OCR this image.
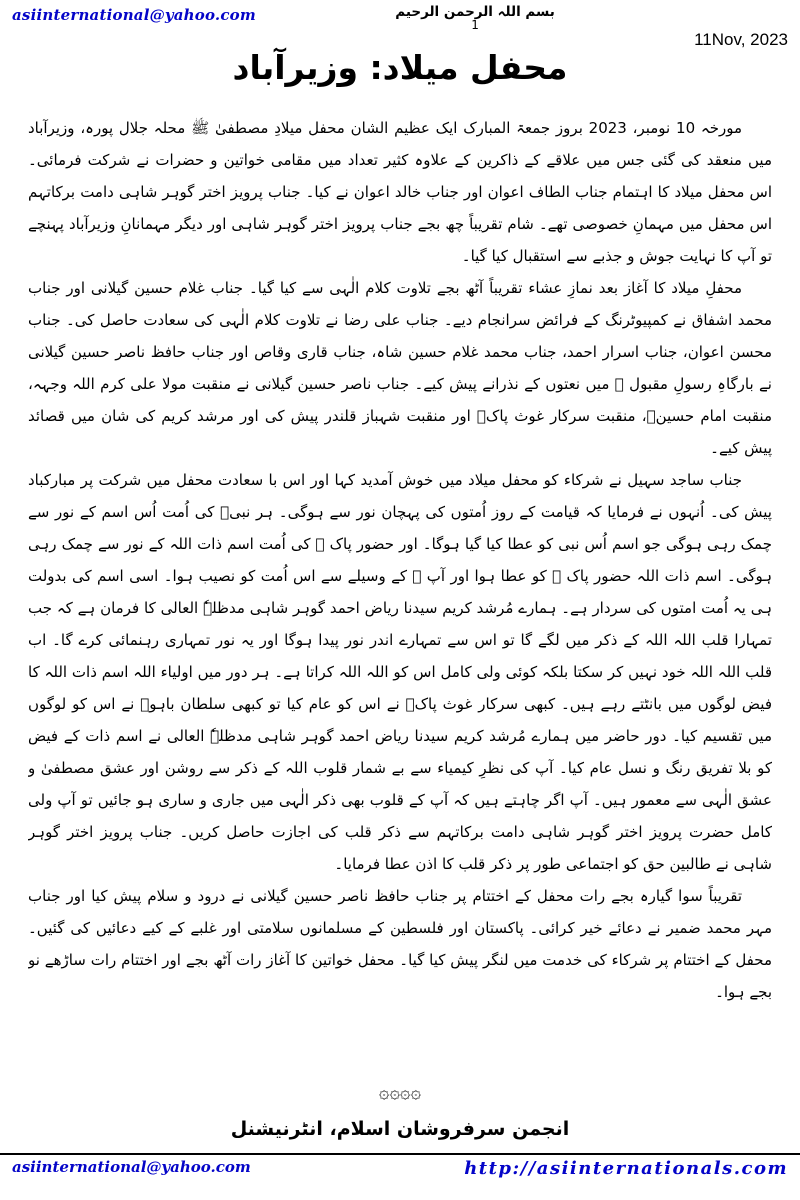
asiinternational@yahoo.com	بسم اللہ الرحمن الرحیم
1
11Nov, 2023
محفل میلاد: وزیرآباد

مورخہ 10 نومبر، 2023 بروز جمعۃ المبارک ایک عظیم الشان محفل میلادِ مصطفیٰ ﷺ محلہ جلال پورہ، وزیرآباد میں منعقد کی گئی جس میں علاقے کے ذاکرین کے علاوہ کثیر تعداد میں مقامی خواتین و حضرات نے شرکت فرمائی۔ اس محفل میلاد کا اہتمام جناب الطاف اعوان اور جناب خالد اعوان نے کیا۔ جناب پرویز اختر گوہر شاہی دامت برکاتہم اس محفل میں مہمانِ خصوصی تھے۔ شام تقریباً چھ بجے جناب پرویز اختر گوہر شاہی اور دیگر مہمانانِ وزیرآباد پہنچے تو آپ کا نہایت جوش و جذبے سے استقبال کیا گیا۔

محفلِ میلاد کا آغاز بعد نمازِ عشاء تقریباً آٹھ بجے تلاوت کلام الٰہی سے کیا گیا۔ جناب غلام حسین گیلانی اور جناب محمد اشفاق نے کمپیوٹرنگ کے فرائض سرانجام دیے۔ جناب علی رضا نے تلاوت کلام الٰہی کی سعادت حاصل کی۔ جناب محسن اعوان، جناب اسرار احمد، جناب محمد غلام حسین شاہ، جناب قاری وقاص اور جناب حافظ ناصر حسین گیلانی نے بارگاہِ رسولِ مقبول ﷺ میں نعتوں کے نذرانے پیش کیے۔ جناب ناصر حسین گیلانی نے منقبت مولا علی کرم اللہ وجہہ، منقبت امام حسینؑ، منقبت سرکار غوث پاکؒ اور منقبت شہباز قلندر پیش کی اور مرشد کریم کی شان میں قصائد پیش کیے۔

جناب ساجد سہیل نے شرکاء کو محفل میلاد میں خوش آمدید کہا اور اس با سعادت محفل میں شرکت پر مبارکباد پیش کی۔ اُنہوں نے فرمایا کہ قیامت کے روز اُمتوں کی پہچان نور سے ہوگی۔ ہر نبیؑ کی اُمت اُس اسم کے نور سے چمک رہی ہوگی جو اسم اُس نبی کو عطا کیا گیا ہوگا۔ اور حضور پاک ﷺ کی اُمت اسم ذات اللہ کے نور سے چمک رہی ہوگی۔ اسم ذات اللہ حضور پاک ﷺ کو عطا ہوا اور آپ ﷺ کے وسیلے سے اس اُمت کو نصیب ہوا۔ اسی اسم کی بدولت ہی یہ اُمت امتوں کی سردار ہے۔ ہمارے مُرشد کریم سیدنا ریاض احمد گوہر شاہی مدظلہٗ العالی کا فرمان ہے کہ جب تمہارا قلب اللہ اللہ کے ذکر میں لگے گا تو اس سے تمہارے اندر نور پیدا ہوگا اور یہ نور تمہاری رہنمائی کرے گا۔ اب قلب اللہ اللہ خود نہیں کر سکتا بلکہ کوئی ولی کامل اس کو اللہ اللہ کراتا ہے۔ ہر دور میں اولیاء اللہ اسم ذات اللہ کا فیض لوگوں میں بانٹتے رہے ہیں۔ کبھی سرکار غوث پاکؒ نے اس کو عام کیا تو کبھی سلطان باہوؒ نے اس کو لوگوں میں تقسیم کیا۔ دور حاضر میں ہمارے مُرشد کریم سیدنا ریاض احمد گوہر شاہی مدظلہٗ العالی نے اسم ذات کے فیض کو بلا تفریق رنگ و نسل عام کیا۔ آپ کی نظرِ کیمیاء سے بے شمار قلوب اللہ کے ذکر سے روشن اور عشق مصطفیٰ و عشق الٰہی سے معمور ہیں۔ آپ اگر چاہتے ہیں کہ آپ کے قلوب بھی ذکر الٰہی میں جاری و ساری ہو جائیں تو آپ ولی کامل حضرت پرویز اختر گوہر شاہی دامت برکاتہم سے ذکر قلب کی اجازت حاصل کریں۔ جناب پرویز اختر گوہر شاہی نے طالبین حق کو اجتماعی طور پر ذکر قلب کا اذن عطا فرمایا۔

تقریباً سوا گیارہ بجے رات محفل کے اختتام پر جناب حافظ ناصر حسین گیلانی نے درود و سلام پیش کیا اور جناب مہر محمد ضمیر نے دعائے خیر کرائی۔ پاکستان اور فلسطین کے مسلمانوں سلامتی اور غلبے کے کیے دعائیں کی گئیں۔ محفل کے اختتام پر شرکاء کی خدمت میں لنگر پیش کیا گیا۔ محفل خواتین کا آغاز رات آٹھ بجے اور اختتام رات ساڑھے نو بجے ہوا۔

۞۞۞۞
انجمن سرفروشان اسلام، انٹرنیشنل
asiinternational@yahoo.com	http://asiinternationals.com
